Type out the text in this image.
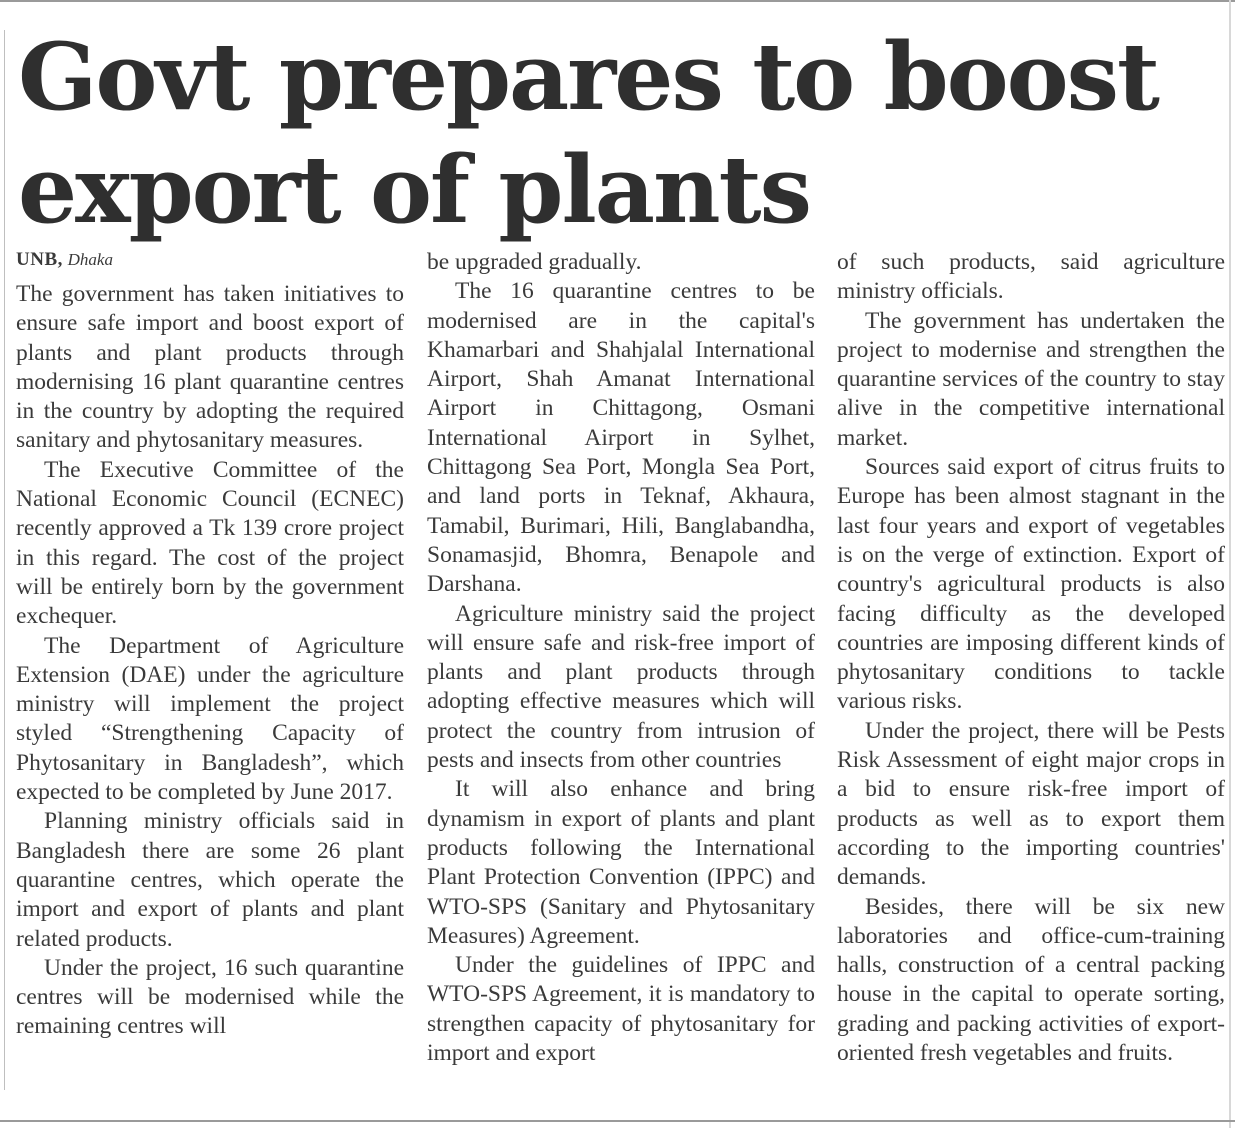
Govt prepares to boost export of plants
UNB, Dhaka

The government has taken initiatives to ensure safe import and boost export of plants and plant products through modernising 16 plant quarantine centres in the country by adopting the required sanitary and phytosanitary measures.

The Executive Committee of the National Economic Council (ECNEC) recently approved a Tk 139 crore project in this regard. The cost of the project will be entirely born by the government exchequer.

The Department of Agriculture Extension (DAE) under the agriculture ministry will implement the project styled “Strengthening Capacity of Phytosanitary in Bangladesh”, which expected to be completed by June 2017.

Planning ministry officials said in Bangladesh there are some 26 plant quarantine centres, which operate the import and export of plants and plant related products.

Under the project, 16 such quarantine centres will be modernised while the remaining centres will

be upgraded gradually.

The 16 quarantine centres to be modernised are in the capital's Khamarbari and Shahjalal International Airport, Shah Amanat International Airport in Chittagong, Osmani International Airport in Sylhet, Chittagong Sea Port, Mongla Sea Port, and land ports in Teknaf, Akhaura, Tamabil, Burimari, Hili, Banglabandha, Sonamasjid, Bhomra, Benapole and Darshana.

Agriculture ministry said the project will ensure safe and risk-free import of plants and plant products through adopting effective measures which will protect the country from intrusion of pests and insects from other countries

It will also enhance and bring dynamism in export of plants and plant products following the International Plant Protection Convention (IPPC) and WTO-SPS (Sanitary and Phytosanitary Measures) Agreement.

Under the guidelines of IPPC and WTO-SPS Agreement, it is mandatory to strengthen capacity of phytosanitary for import and export

of such products, said agriculture ministry officials.

The government has undertaken the project to modernise and strengthen the quarantine services of the country to stay alive in the competitive international market.

Sources said export of citrus fruits to Europe has been almost stagnant in the last four years and export of vegetables is on the verge of extinction. Export of country's agricultural products is also facing difficulty as the developed countries are imposing different kinds of phytosanitary conditions to tackle various risks.

Under the project, there will be Pests Risk Assessment of eight major crops in a bid to ensure risk-free import of products as well as to export them according to the importing countries' demands.

Besides, there will be six new laboratories and office-cum-training halls, construction of a central packing house in the capital to operate sorting, grading and packing activities of export-oriented fresh vegetables and fruits.
